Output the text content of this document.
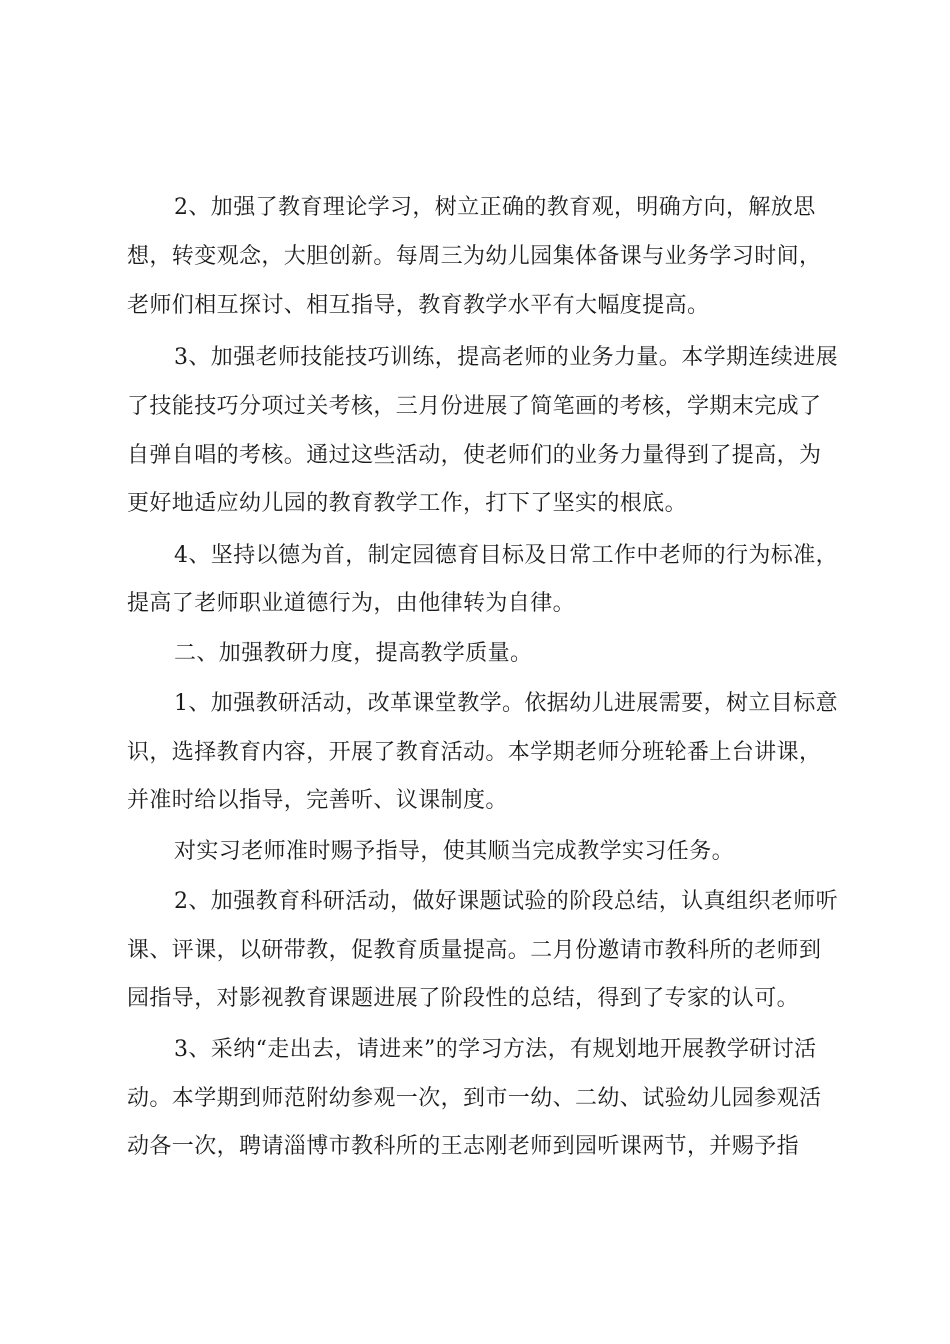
2、加强了教育理论学习，树立正确的教育观，明确方向，解放思
想，转变观念，大胆创新。每周三为幼儿园集体备课与业务学习时间，
老师们相互探讨、相互指导，教育教学水平有大幅度提高。
3、加强老师技能技巧训练，提高老师的业务力量。本学期连续进展
了技能技巧分项过关考核，三月份进展了简笔画的考核，学期末完成了
自弹自唱的考核。通过这些活动，使老师们的业务力量得到了提高，为
更好地适应幼儿园的教育教学工作，打下了坚实的根底。
4、坚持以德为首，制定园德育目标及日常工作中老师的行为标准，
提高了老师职业道德行为，由他律转为自律。
二、加强教研力度，提高教学质量。
1、加强教研活动，改革课堂教学。依据幼儿进展需要，树立目标意
识，选择教育内容，开展了教育活动。本学期老师分班轮番上台讲课，
并准时给以指导，完善听、议课制度。
对实习老师准时赐予指导，使其顺当完成教学实习任务。
2、加强教育科研活动，做好课题试验的阶段总结，认真组织老师听
课、评课，以研带教，促教育质量提高。二月份邀请市教科所的老师到
园指导，对影视教育课题进展了阶段性的总结，得到了专家的认可。
3、采纳“走出去，请进来”的学习方法，有规划地开展教学研讨活
动。本学期到师范附幼参观一次，到市一幼、二幼、试验幼儿园参观活
动各一次，聘请淄博市教科所的王志刚老师到园听课两节，并赐予指
